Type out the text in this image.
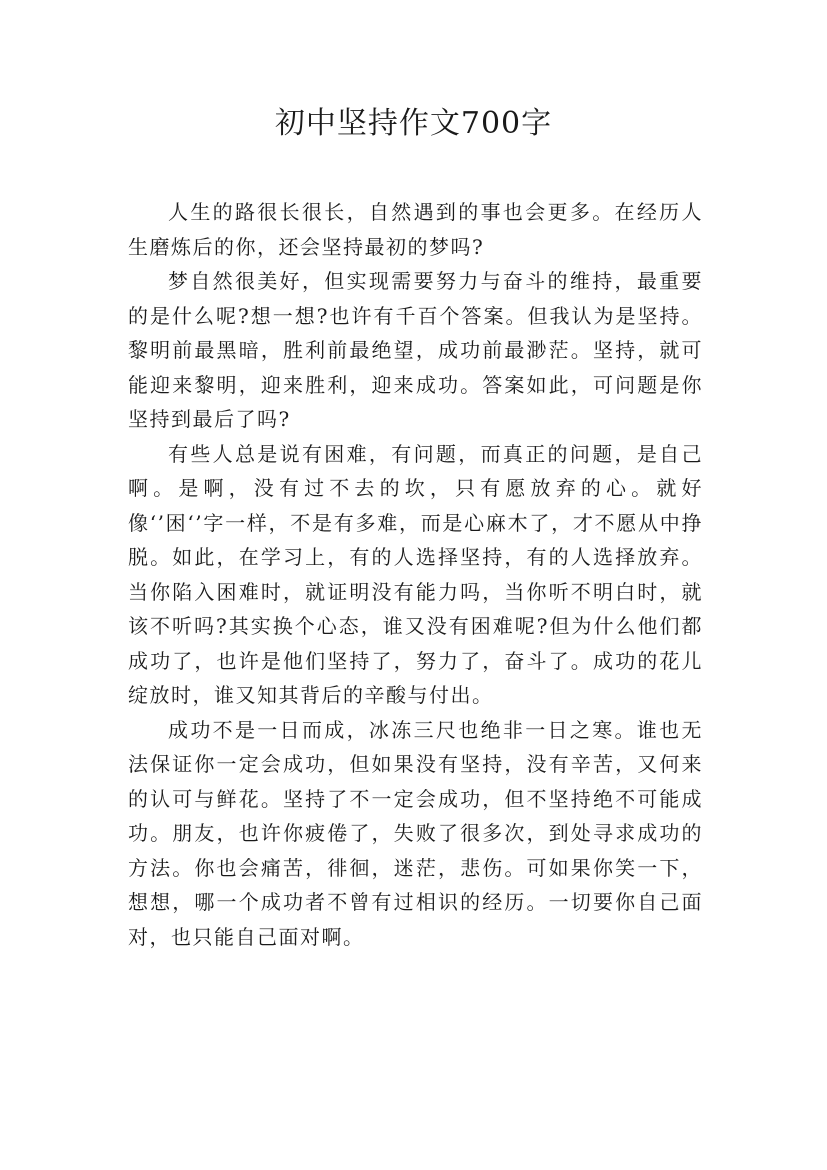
初中坚持作文700字

人生的路很长很长，自然遇到的事也会更多。在经历人生磨炼后的你，还会坚持最初的梦吗?

梦自然很美好，但实现需要努力与奋斗的维持，最重要的是什么呢?想一想?也许有千百个答案。但我认为是坚持。黎明前最黑暗，胜利前最绝望，成功前最渺茫。坚持，就可能迎来黎明，迎来胜利，迎来成功。答案如此，可问题是你坚持到最后了吗?

有些人总是说有困难，有问题，而真正的问题，是自己啊。是啊，没有过不去的坎，只有愿放弃的心。就好像‘’困‘’字一样，不是有多难，而是心麻木了，才不愿从中挣脱。如此，在学习上，有的人选择坚持，有的人选择放弃。当你陷入困难时，就证明没有能力吗，当你听不明白时，就该不听吗?其实换个心态，谁又没有困难呢?但为什么他们都成功了，也许是他们坚持了，努力了，奋斗了。成功的花儿绽放时，谁又知其背后的辛酸与付出。

成功不是一日而成，冰冻三尺也绝非一日之寒。谁也无法保证你一定会成功，但如果没有坚持，没有辛苦，又何来的认可与鲜花。坚持了不一定会成功，但不坚持绝不可能成功。朋友，也许你疲倦了，失败了很多次，到处寻求成功的方法。你也会痛苦，徘徊，迷茫，悲伤。可如果你笑一下，想想，哪一个成功者不曾有过相识的经历。一切要你自己面对，也只能自己面对啊。
